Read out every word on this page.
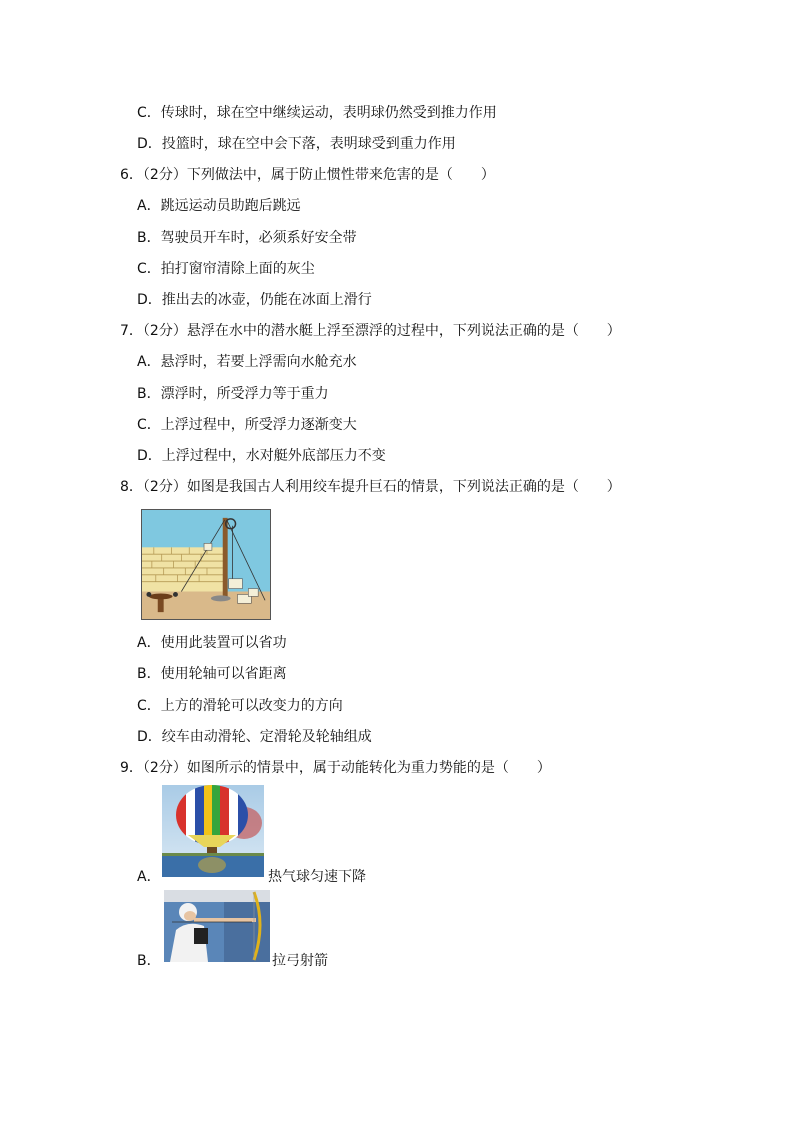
C．传球时，球在空中继续运动，表明球仍然受到推力作用
D．投篮时，球在空中会下落，表明球受到重力作用
6．（2分）下列做法中，属于防止惯性带来危害的是（　　）
A．跳远运动员助跑后跳远
B．驾驶员开车时，必须系好安全带
C．拍打窗帘清除上面的灰尘
D．推出去的冰壶，仍能在冰面上滑行
7．（2分）悬浮在水中的潜水艇上浮至漂浮的过程中，下列说法正确的是（　　）
A．悬浮时，若要上浮需向水舱充水
B．漂浮时，所受浮力等于重力
C．上浮过程中，所受浮力逐渐变大
D．上浮过程中，水对艇外底部压力不变
8．（2分）如图是我国古人利用绞车提升巨石的情景，下列说法正确的是（　　）
A．使用此装置可以省功
B．使用轮轴可以省距离
C．上方的滑轮可以改变力的方向
D．绞车由动滑轮、定滑轮及轮轴组成
9．（2分）如图所示的情景中，属于动能转化为重力势能的是（　　）
A．	热气球匀速下降
B．	拉弓射箭
